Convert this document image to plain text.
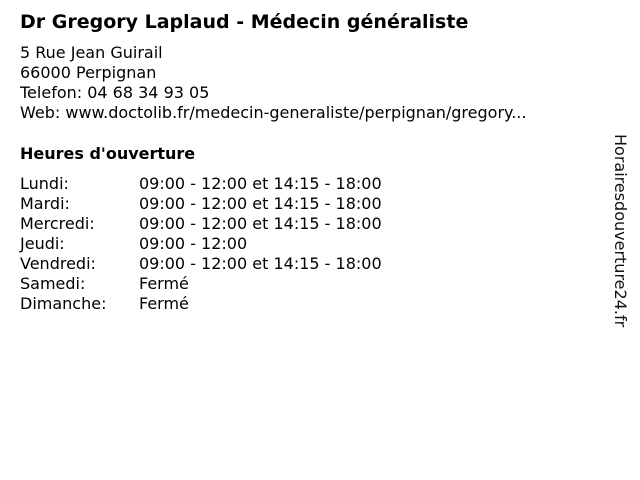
Dr Gregory Laplaud - Médecin généraliste
5 Rue Jean Guirail
66000 Perpignan
Telefon: 04 68 34 93 05
Web: www.doctolib.fr/medecin-generaliste/perpignan/gregory...
Heures d'ouverture
Lundi:	09:00 - 12:00 et 14:15 - 18:00
Mardi:	09:00 - 12:00 et 14:15 - 18:00
Mercredi:	09:00 - 12:00 et 14:15 - 18:00
Jeudi:	09:00 - 12:00
Vendredi:	09:00 - 12:00 et 14:15 - 18:00
Samedi:	Fermé
Dimanche: Fermé	Horairesdouverture24.fr
